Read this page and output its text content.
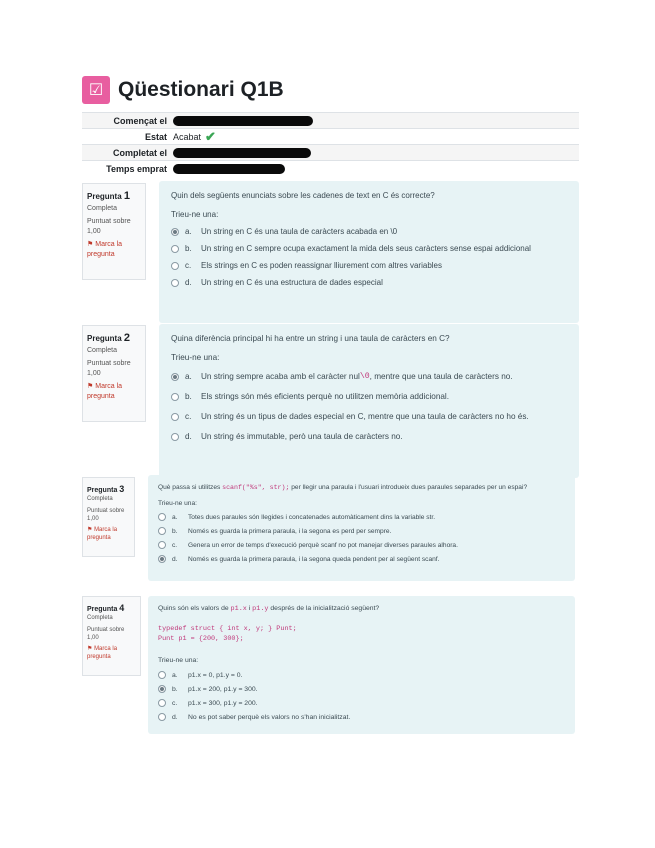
☑ Qüestionari Q1B
Començat el
Estat Acabat ✔
Completat el
Temps emprat
Pregunta 1
Completa
Puntuat sobre 1,00
⚑ Marca la pregunta
Quin dels següents enunciats sobre les cadenes de text en C és correcte?
Trieu-ne una:
a.	Un string en C és una taula de caràcters acabada en \0
b.	Un string en C sempre ocupa exactament la mida dels seus caràcters sense espai addicional
c.	Els strings en C es poden reassignar lliurement com altres variables
d.	Un string en C és una estructura de dades especial
Pregunta 2
Completa
Puntuat sobre 1,00
⚑ Marca la pregunta
Quina diferència principal hi ha entre un string i una taula de caràcters en C?
Trieu-ne una:
a.	Un string sempre acaba amb el caràcter nul \0 , mentre que una taula de caràcters no.
b.	Els strings són més eficients perquè no utilitzen memòria addicional.
c.	Un string és un tipus de dades especial en C, mentre que una taula de caràcters no ho és.
d.	Un string és immutable, però una taula de caràcters no.
Pregunta 3
Completa
Puntuat sobre 1,00
⚑ Marca la pregunta
Què passa si utilitzes scanf("%s", str); per llegir una paraula i l'usuari introdueix dues paraules separades per un espai?
Trieu-ne una:
a.	Totes dues paraules són llegides i concatenades automàticament dins la variable str.
b.	Només es guarda la primera paraula, i la segona es perd per sempre.
c.	Genera un error de temps d'execució perquè scanf no pot manejar diverses paraules alhora.
d.	Només es guarda la primera paraula, i la segona queda pendent per al següent scanf.
Pregunta 4
Completa
Puntuat sobre 1,00
⚑ Marca la pregunta
Quins són els valors de p1.x i p1.y després de la inicialització següent?
typedef struct { int x, y; } Punt;
Punt p1 = {200, 300};
Trieu-ne una:
a.	p1.x = 0, p1.y = 0.
b.	p1.x = 200, p1.y = 300.
c.	p1.x = 300, p1.y = 200.
d.	No es pot saber perquè els valors no s'han inicialitzat.
